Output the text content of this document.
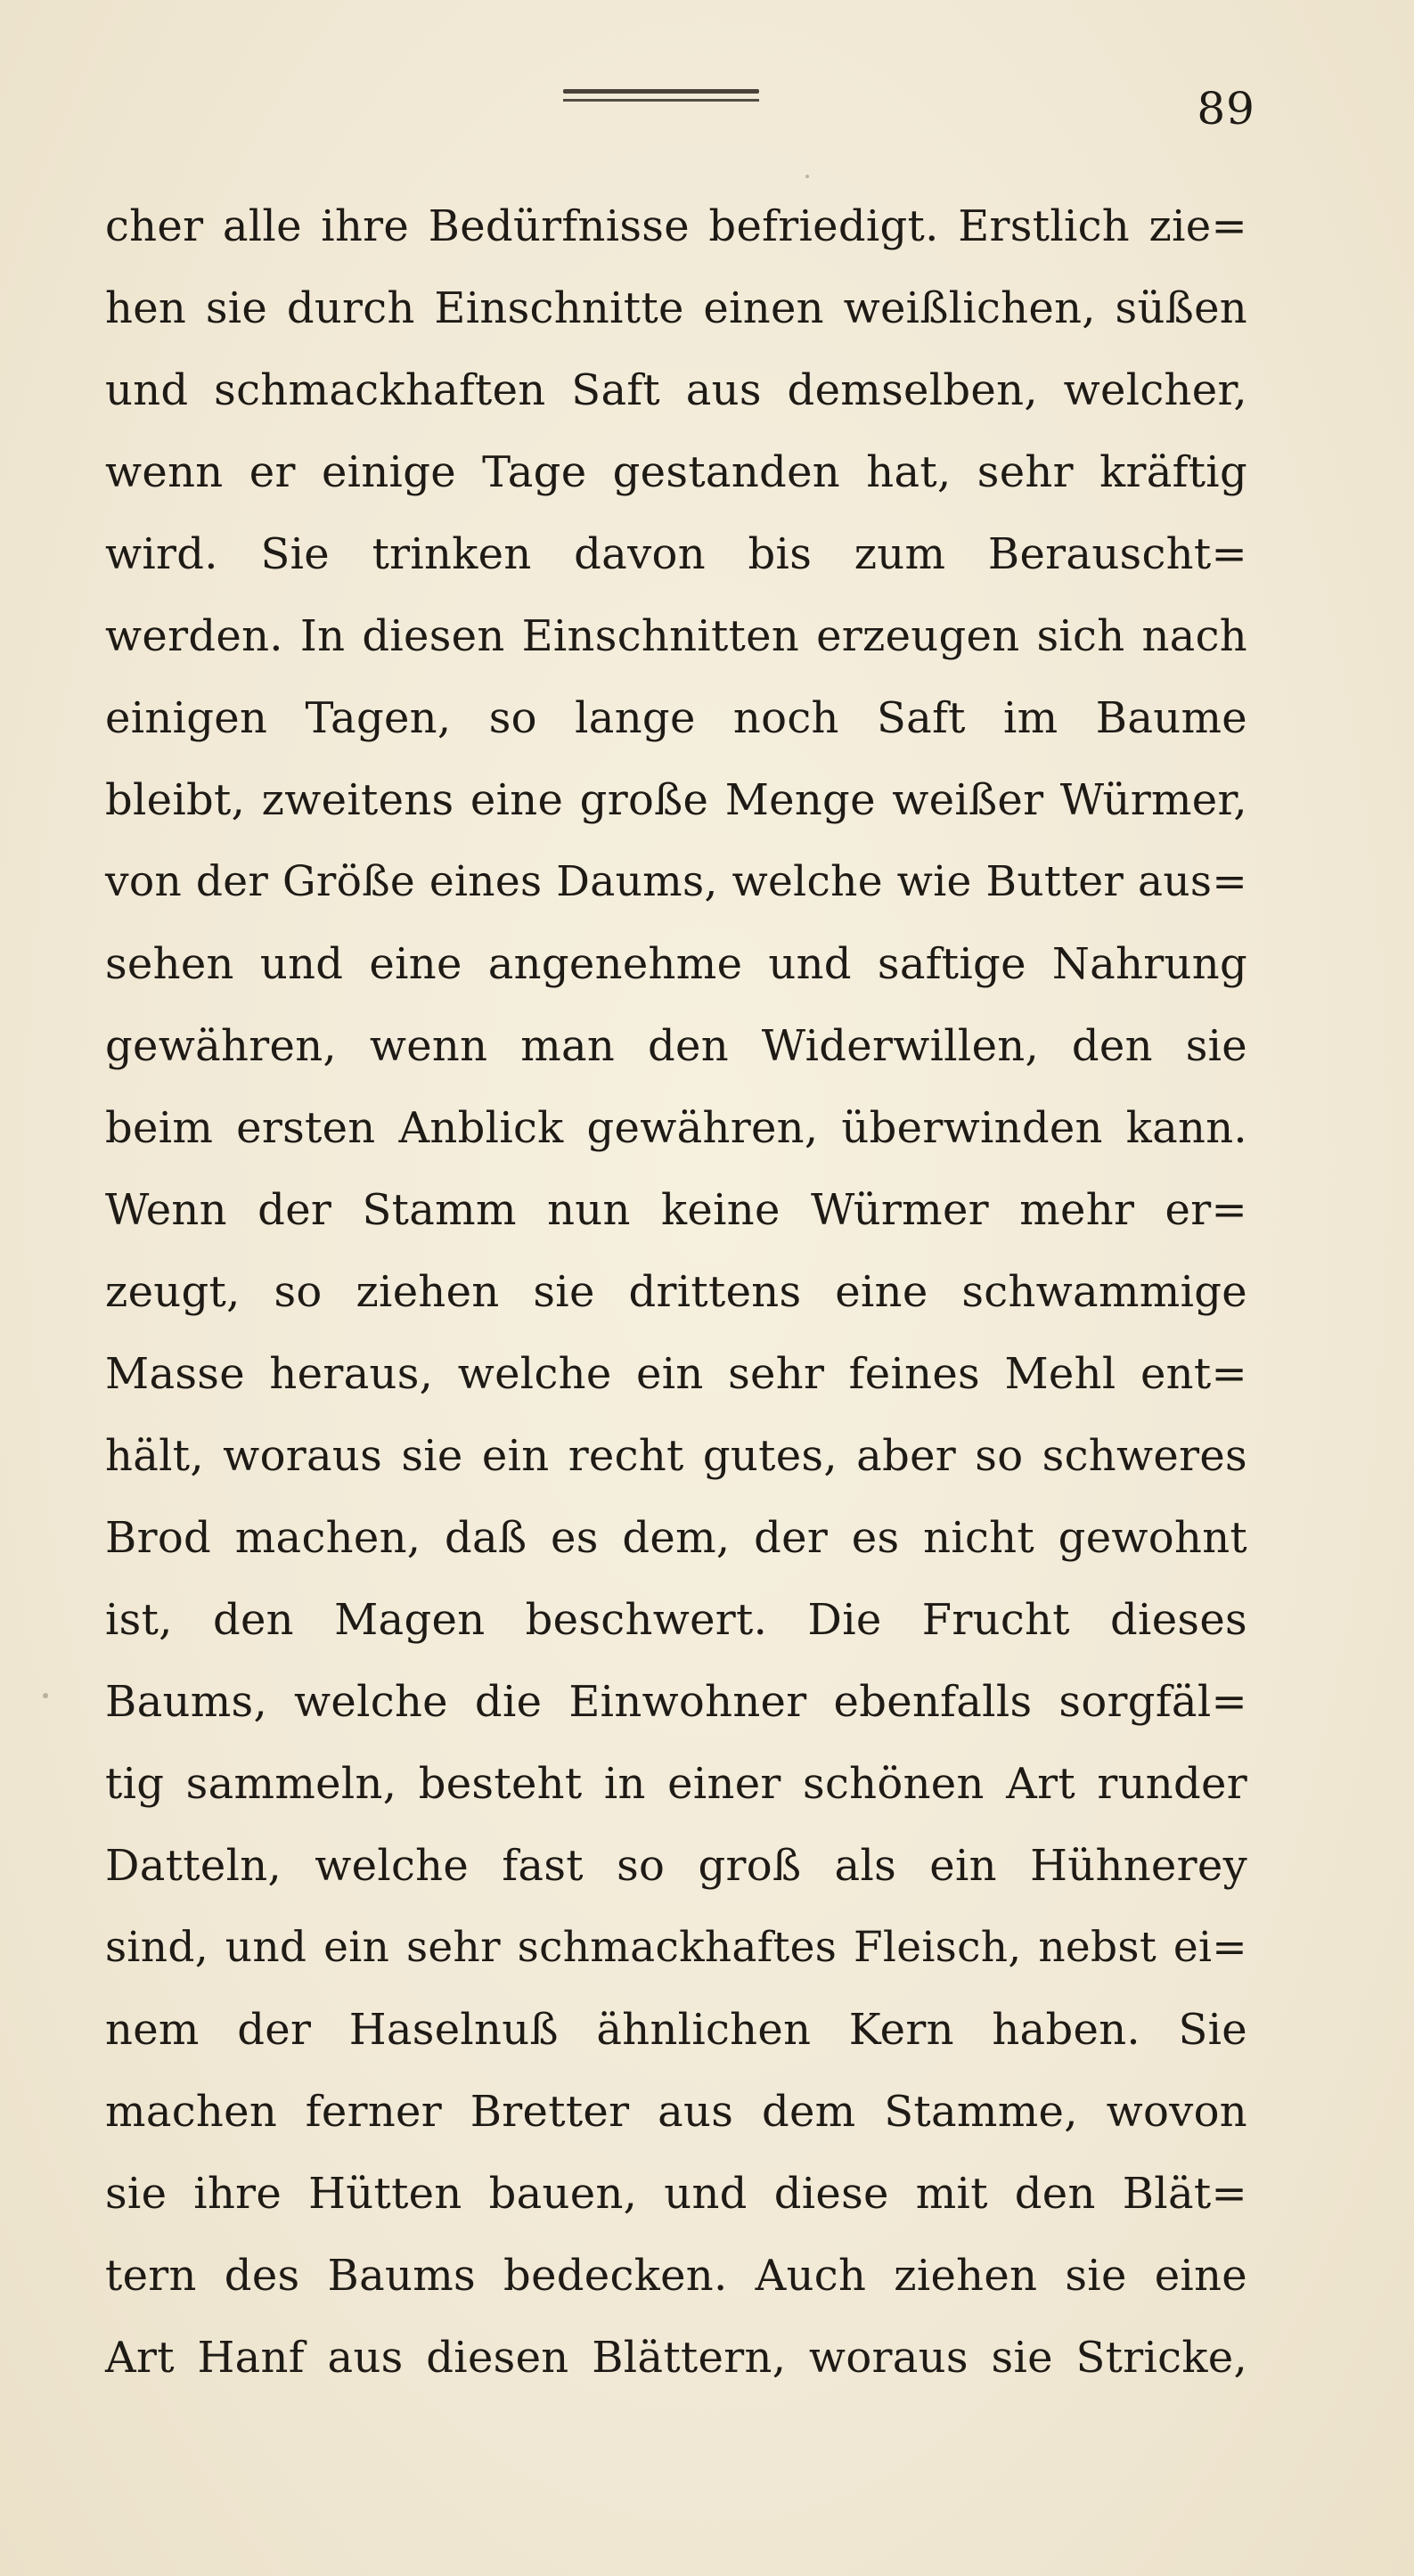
89
cher alle ihre Bedürfnisse befriedigt. Erstlich zie=
hen sie durch Einschnitte einen weißlichen, süßen
und schmackhaften Saft aus demselben, welcher,
wenn er einige Tage gestanden hat, sehr kräftig
wird. Sie trinken davon bis zum Berauscht=
werden. In diesen Einschnitten erzeugen sich nach
einigen Tagen, so lange noch Saft im Baume
bleibt, zweitens eine große Menge weißer Würmer,
von der Größe eines Daums, welche wie Butter aus=
sehen und eine angenehme und saftige Nahrung
gewähren, wenn man den Widerwillen, den sie
beim ersten Anblick gewähren, überwinden kann.
Wenn der Stamm nun keine Würmer mehr er=
zeugt, so ziehen sie drittens eine schwammige
Masse heraus, welche ein sehr feines Mehl ent=
hält, woraus sie ein recht gutes, aber so schweres
Brod machen, daß es dem, der es nicht gewohnt
ist, den Magen beschwert. Die Frucht dieses
Baums, welche die Einwohner ebenfalls sorgfäl=
tig sammeln, besteht in einer schönen Art runder
Datteln, welche fast so groß als ein Hühnerey
sind, und ein sehr schmackhaftes Fleisch, nebst ei=
nem der Haselnuß ähnlichen Kern haben. Sie
machen ferner Bretter aus dem Stamme, wovon
sie ihre Hütten bauen, und diese mit den Blät=
tern des Baums bedecken. Auch ziehen sie eine
Art Hanf aus diesen Blättern, woraus sie Stricke,
